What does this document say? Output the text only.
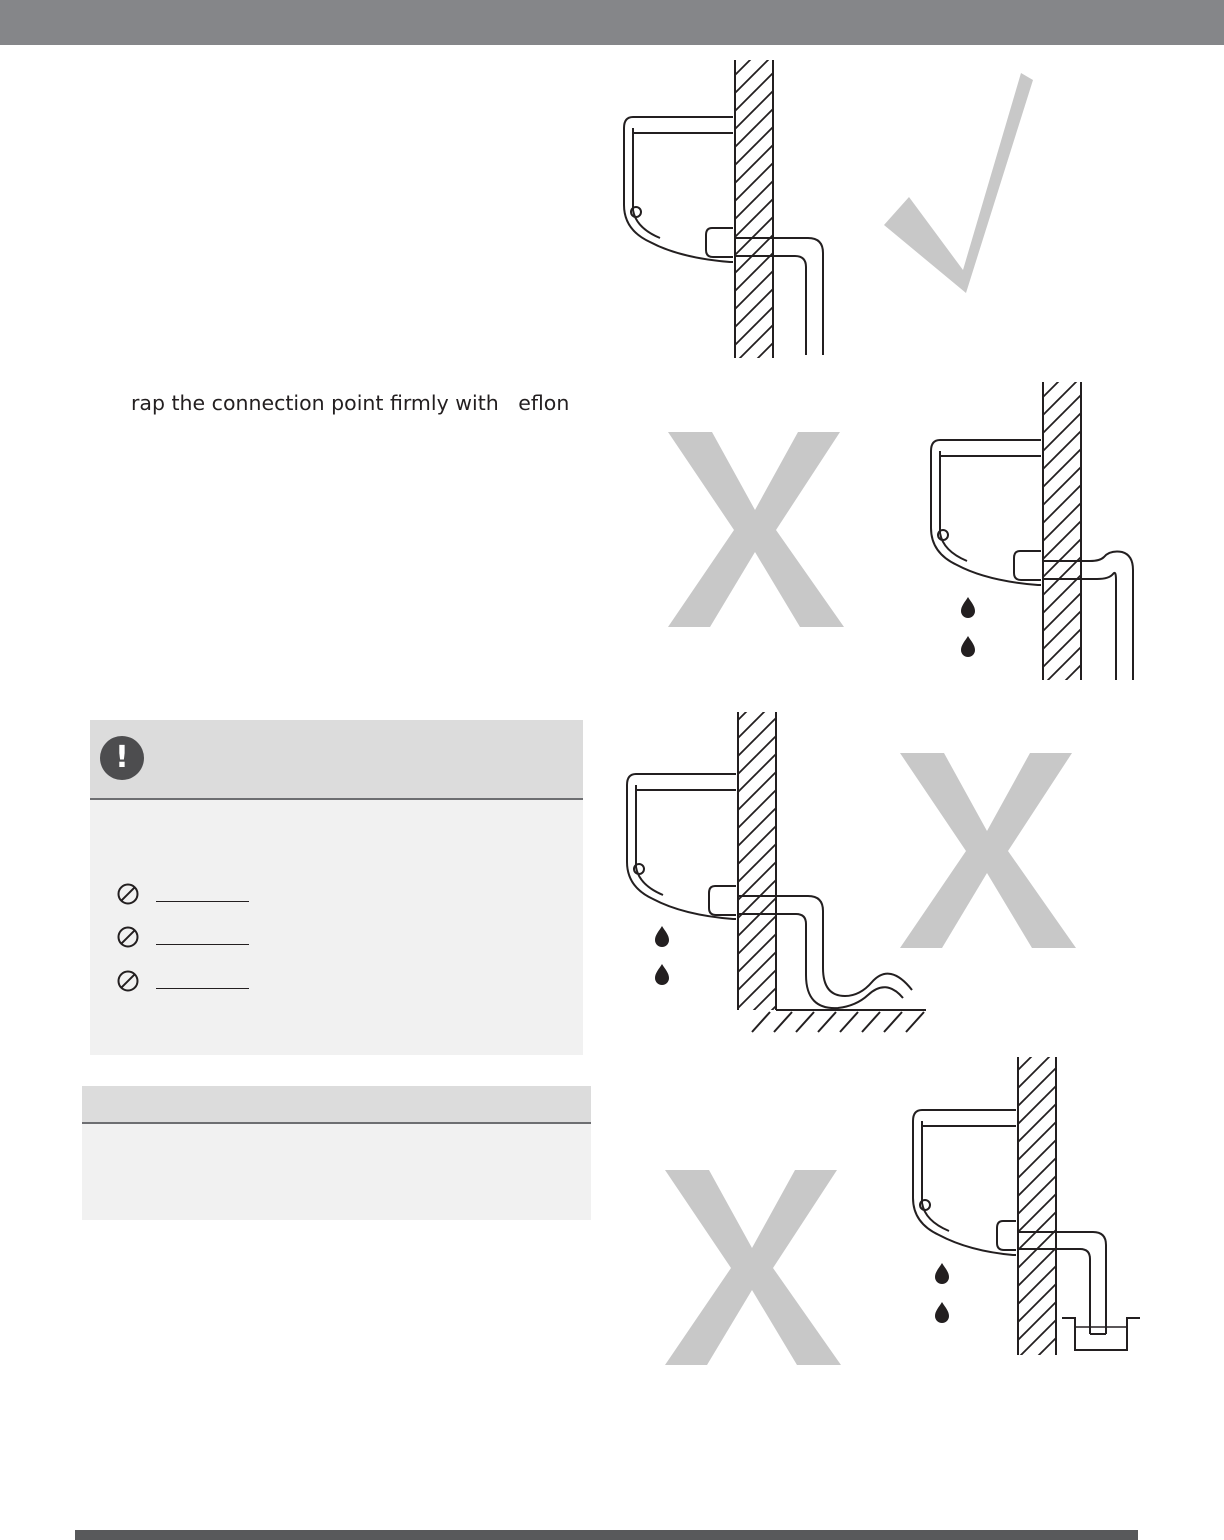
rap the connection point firmly with   eflon

!
